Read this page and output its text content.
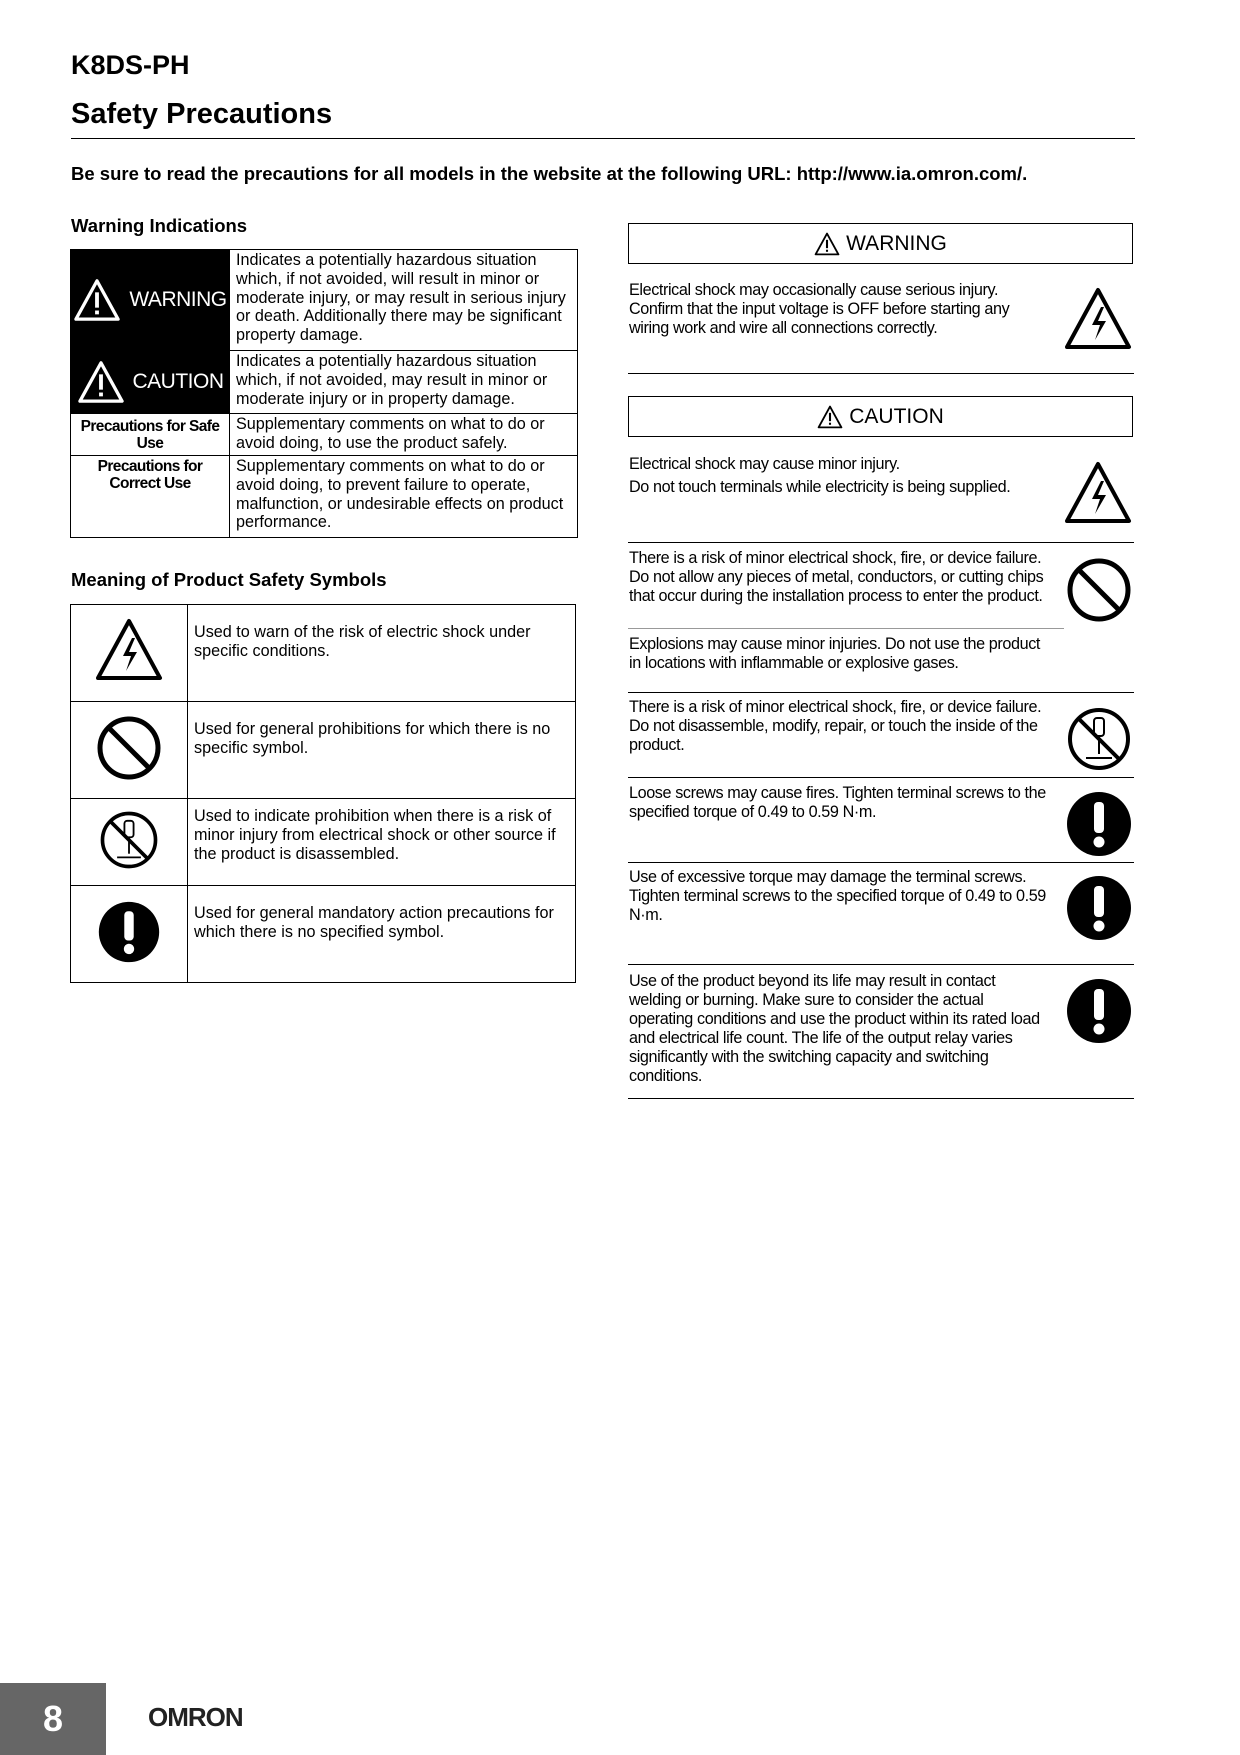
K8DS-PH
Safety Precautions
Be sure to read the precautions for all models in the website at the following URL: http://www.ia.omron.com/.
Warning Indications
WARNING	Indicates a potentially hazardous situation which, if not avoided, will result in minor or moderate injury, or may result in serious injury or death. Additionally there may be significant property damage.

CAUTION	Indicates a potentially hazardous situation which, if not avoided, may result in minor or moderate injury or in property damage.

Precautions for Safe Use	Supplementary comments on what to do or avoid doing, to use the product safely.

Precautions for Correct Use	Supplementary comments on what to do or avoid doing, to prevent failure to operate, malfunction, or undesirable effects on product performance.
Meaning of Product Safety Symbols
	Used to warn of the risk of electric shock under specific conditions.
	Used for general prohibitions for which there is no specific symbol.
	Used to indicate prohibition when there is a risk of minor injury from electrical shock or other source if the product is disassembled.
	Used for general mandatory action precautions for which there is no specified symbol.
WARNING
Electrical shock may occasionally cause serious injury. Confirm that the input voltage is OFF before starting any wiring work and wire all connections correctly.
CAUTION
Electrical shock may cause minor injury.
Do not touch terminals while electricity is being supplied.
There is a risk of minor electrical shock, fire, or device failure. Do not allow any pieces of metal, conductors, or cutting chips that occur during the installation process to enter the product.
Explosions may cause minor injuries. Do not use the product in locations with inflammable or explosive gases.
There is a risk of minor electrical shock, fire, or device failure. Do not disassemble, modify, repair, or touch the inside of the product.
Loose screws may cause fires. Tighten terminal screws to the specified torque of 0.49 to 0.59 N·m.
Use of excessive torque may damage the terminal screws. Tighten terminal screws to the specified torque of 0.49 to 0.59 N·m.
Use of the product beyond its life may result in contact welding or burning. Make sure to consider the actual operating conditions and use the product within its rated load and electrical life count. The life of the output relay varies significantly with the switching capacity and switching conditions.
8	OMRON
